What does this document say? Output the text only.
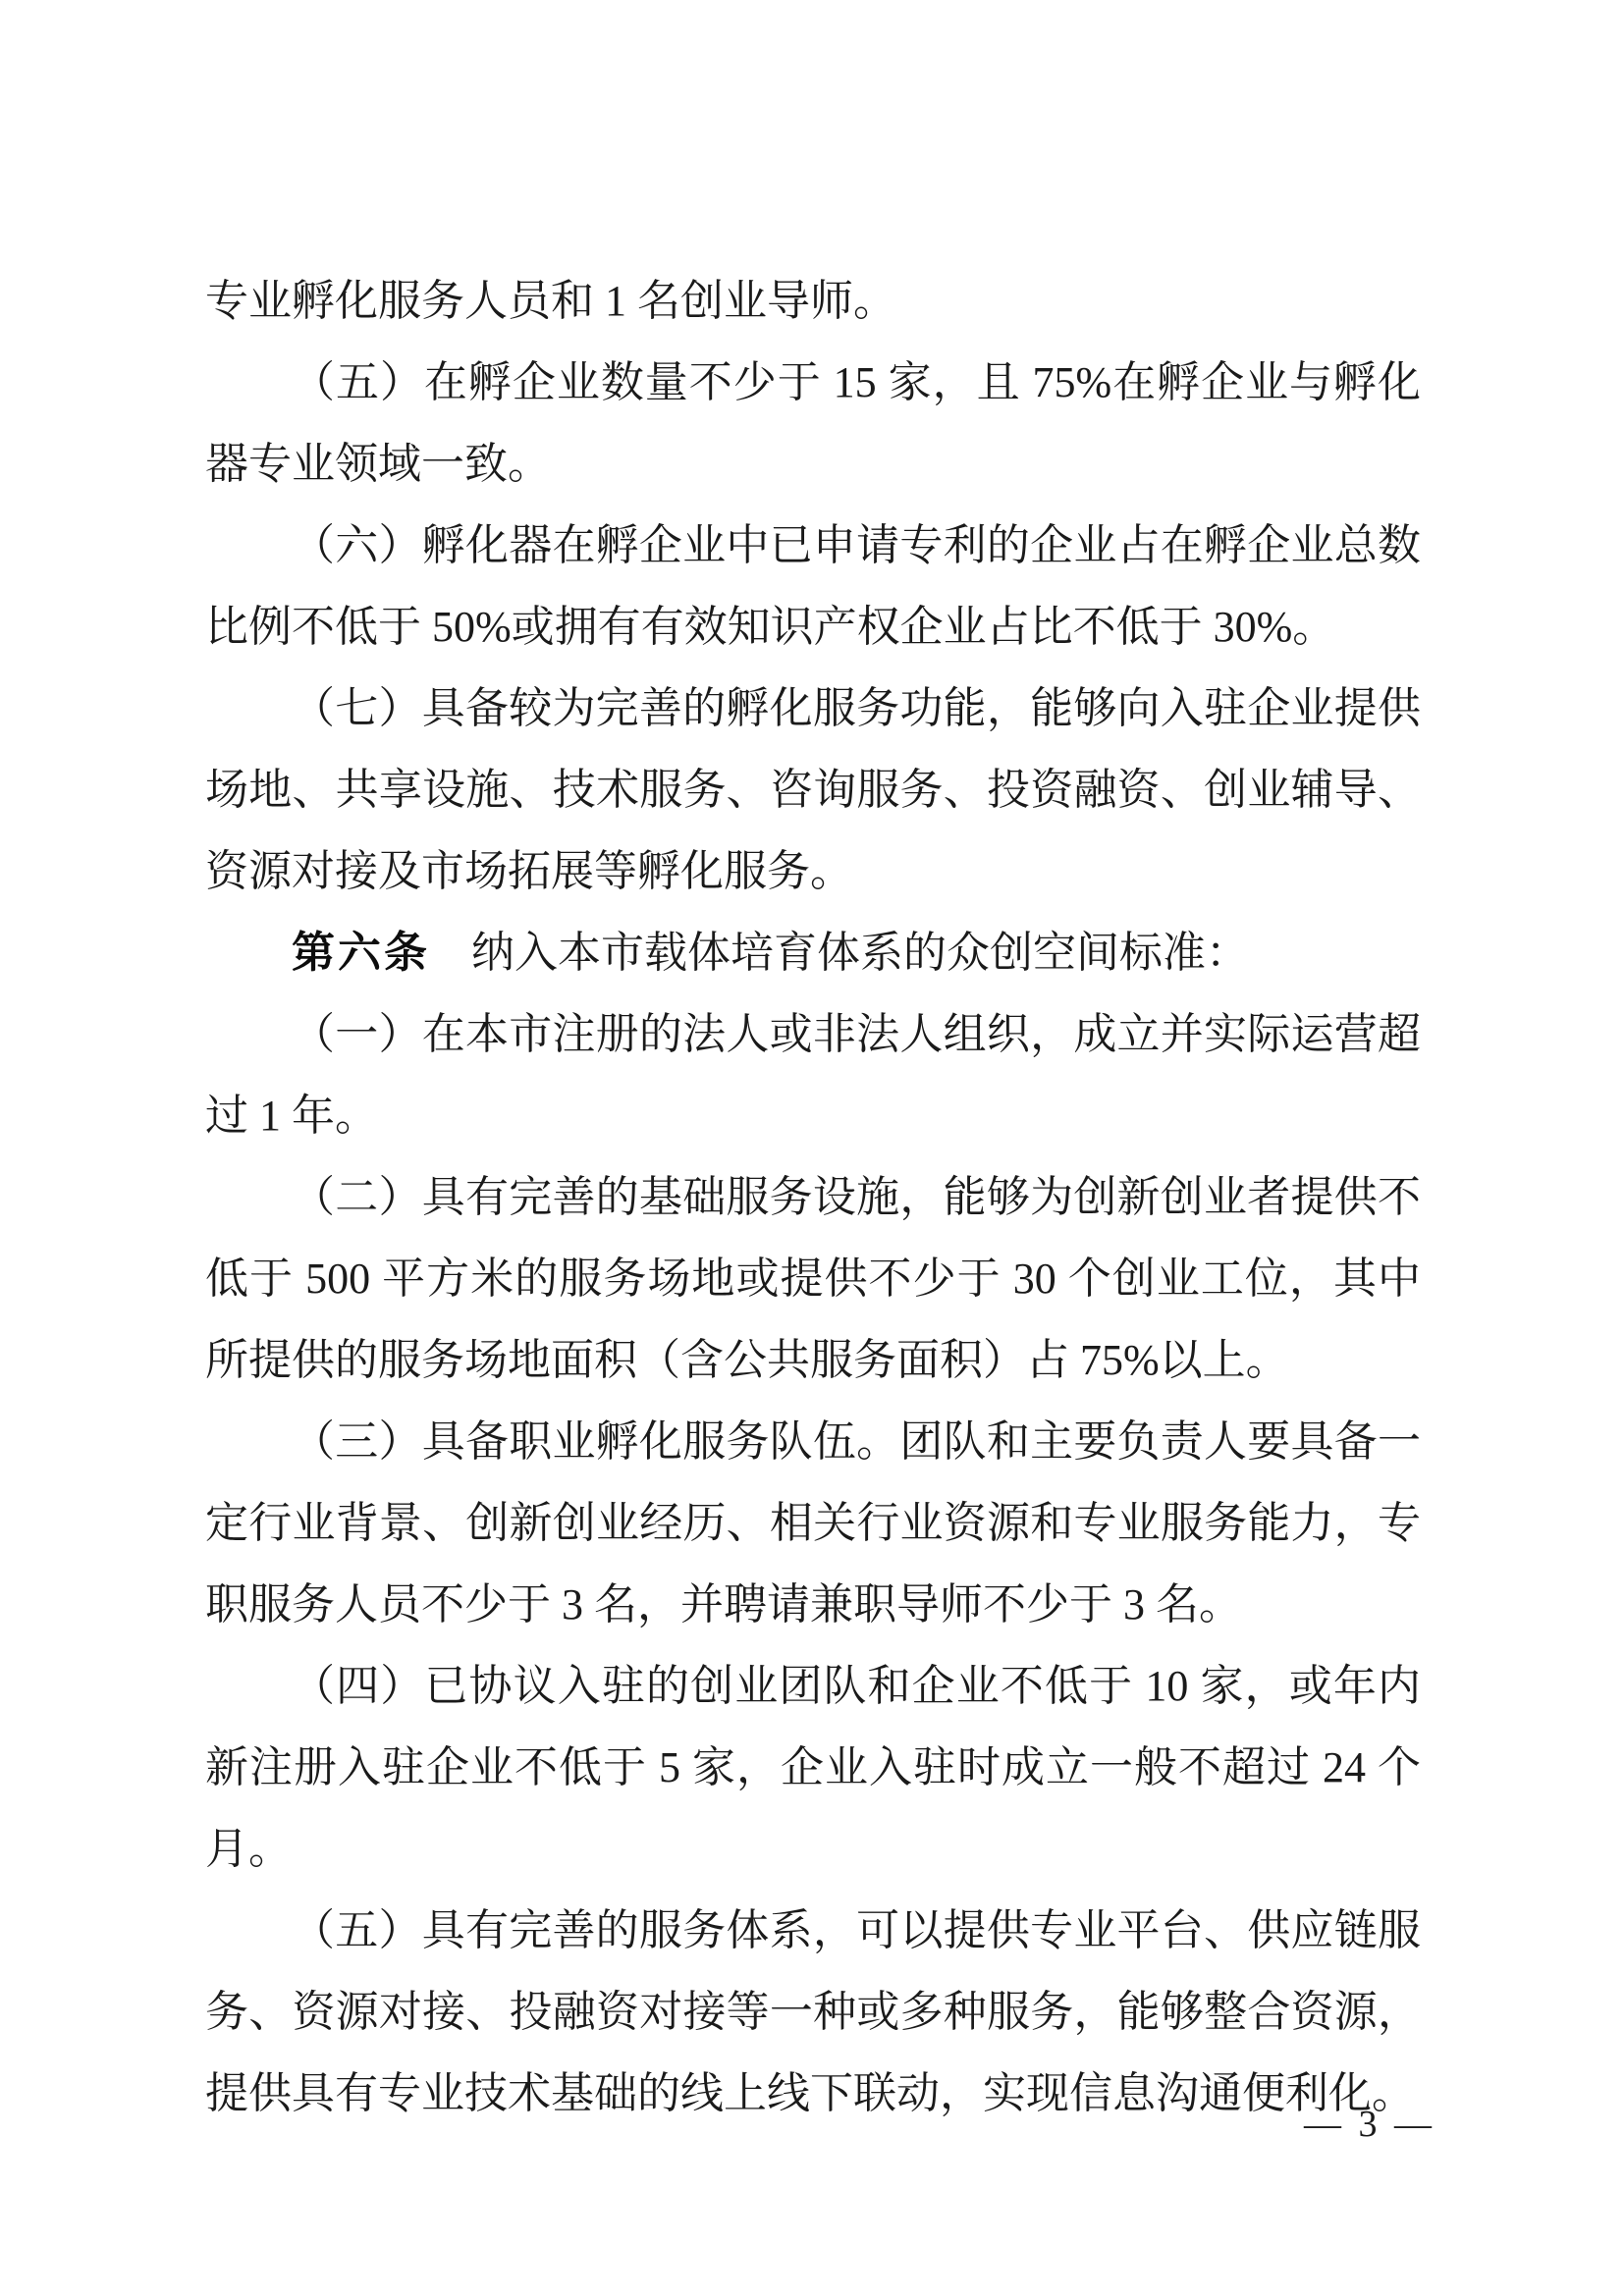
专业孵化服务人员和 1 名创业导师。

（五）在孵企业数量不少于 15 家，且 75%在孵企业与孵化器专业领域一致。

（六）孵化器在孵企业中已申请专利的企业占在孵企业总数比例不低于 50%或拥有有效知识产权企业占比不低于 30%。

（七）具备较为完善的孵化服务功能，能够向入驻企业提供场地、共享设施、技术服务、咨询服务、投资融资、创业辅导、资源对接及市场拓展等孵化服务。

第六条 纳入本市载体培育体系的众创空间标准：

（一）在本市注册的法人或非法人组织，成立并实际运营超过 1 年。

（二）具有完善的基础服务设施，能够为创新创业者提供不低于 500 平方米的服务场地或提供不少于 30 个创业工位，其中所提供的服务场地面积（含公共服务面积）占 75%以上。

（三）具备职业孵化服务队伍。团队和主要负责人要具备一定行业背景、创新创业经历、相关行业资源和专业服务能力，专职服务人员不少于 3 名，并聘请兼职导师不少于 3 名。

（四）已协议入驻的创业团队和企业不低于 10 家，或年内新注册入驻企业不低于 5 家，企业入驻时成立一般不超过 24 个月。

（五）具有完善的服务体系，可以提供专业平台、供应链服务、资源对接、投融资对接等一种或多种服务，能够整合资源，提供具有专业技术基础的线上线下联动，实现信息沟通便利化。

— 3 —
